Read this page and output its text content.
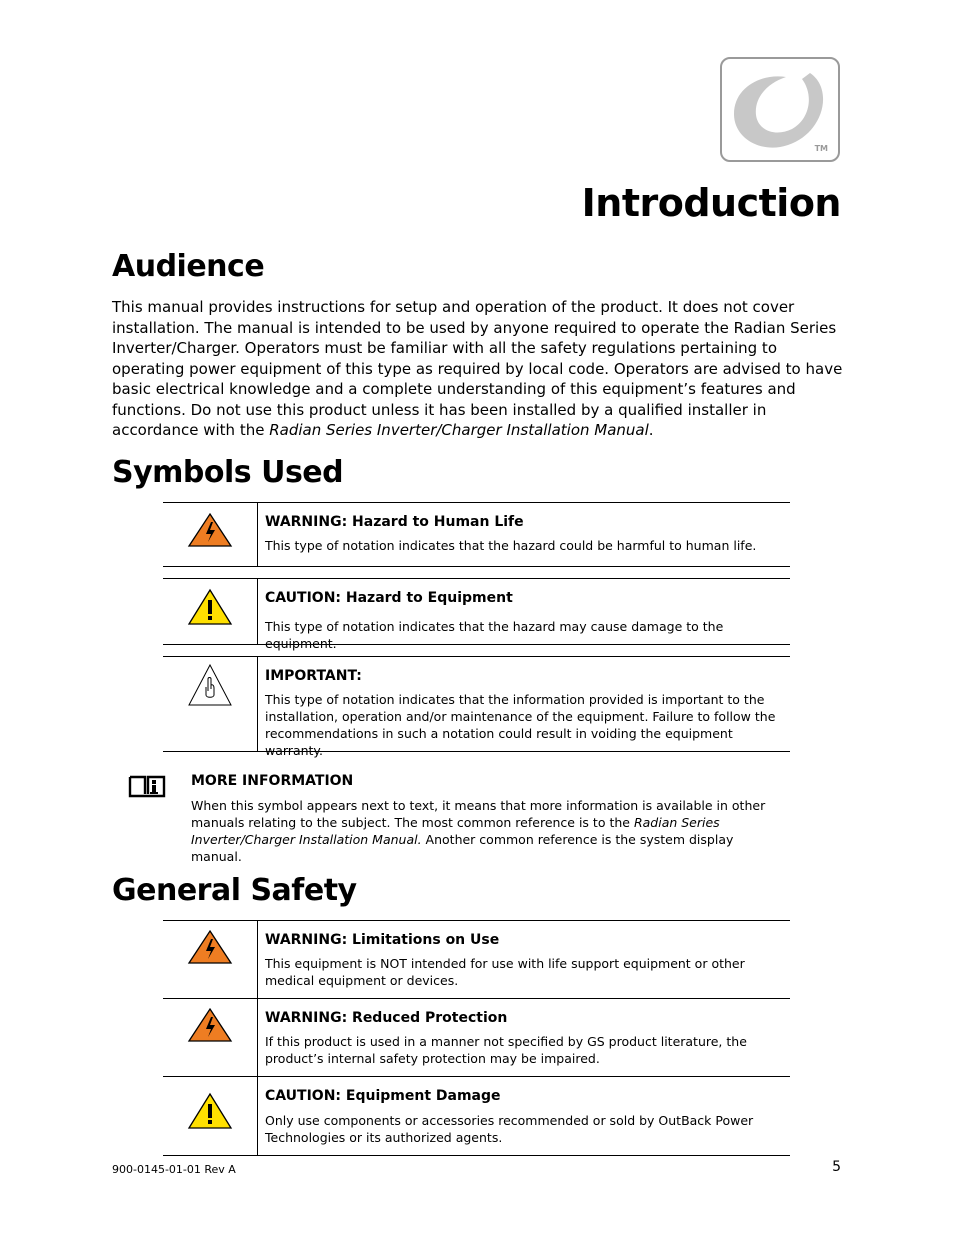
TM
Introduction
Audience

This manual provides instructions for setup and operation of the product. It does not cover installation. The manual is intended to be used by anyone required to operate the Radian Series Inverter/Charger. Operators must be familiar with all the safety regulations pertaining to operating power equipment of this type as required by local code. Operators are advised to have basic electrical knowledge and a complete understanding of this equipment’s features and functions. Do not use this product unless it has been installed by a qualified installer in accordance with the Radian Series Inverter/Charger Installation Manual.

Symbols Used
WARNING: Hazard to Human Life
This type of notation indicates that the hazard could be harmful to human life.
CAUTION: Hazard to Equipment
This type of notation indicates that the hazard may cause damage to the equipment.
IMPORTANT:
This type of notation indicates that the information provided is important to the installation, operation and/or maintenance of the equipment. Failure to follow the recommendations in such a notation could result in voiding the equipment warranty.
MORE INFORMATION
When this symbol appears next to text, it means that more information is available in other manuals relating to the subject. The most common reference is to the Radian Series Inverter/Charger Installation Manual. Another common reference is the system display manual.
General Safety
WARNING: Limitations on Use
This equipment is NOT intended for use with life support equipment or other medical equipment or devices.
WARNING: Reduced Protection
If this product is used in a manner not specified by GS product literature, the product’s internal safety protection may be impaired.
CAUTION: Equipment Damage
Only use components or accessories recommended or sold by OutBack Power Technologies or its authorized agents.
900-0145-01-01 Rev A	5
